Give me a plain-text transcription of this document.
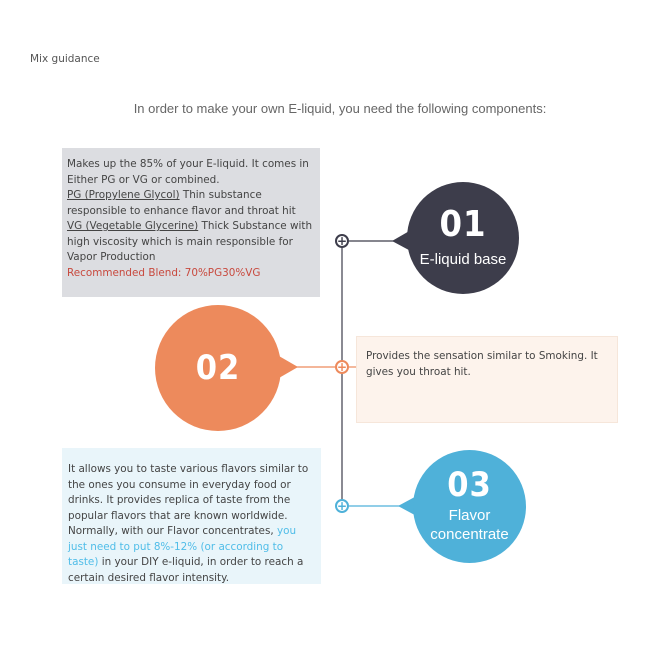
Mix guidance
In order to make your own E-liquid, you need the following components:
Makes up the 85% of your E-liquid. It comes in Either PG or VG or combined.
PG (Propylene Glycol) Thin substance responsible to enhance flavor and throat hit
VG (Vegetable Glycerine) Thick Substance with high viscosity which is main responsible for Vapor Production
Recommended Blend: 70%PG30%VG
Provides the sensation similar to Smoking. It gives you throat hit.
It allows you to taste various flavors similar to the ones you consume in everyday food or drinks. It provides replica of taste from the popular flavors that are known worldwide. Normally, with our Flavor concentrates, you just need to put 8%-12% (or according to taste) in your DIY e-liquid, in order to reach a certain desired flavor intensity.
01
E-liquid base
02
03
Flavor
concentrate
+
+
+
